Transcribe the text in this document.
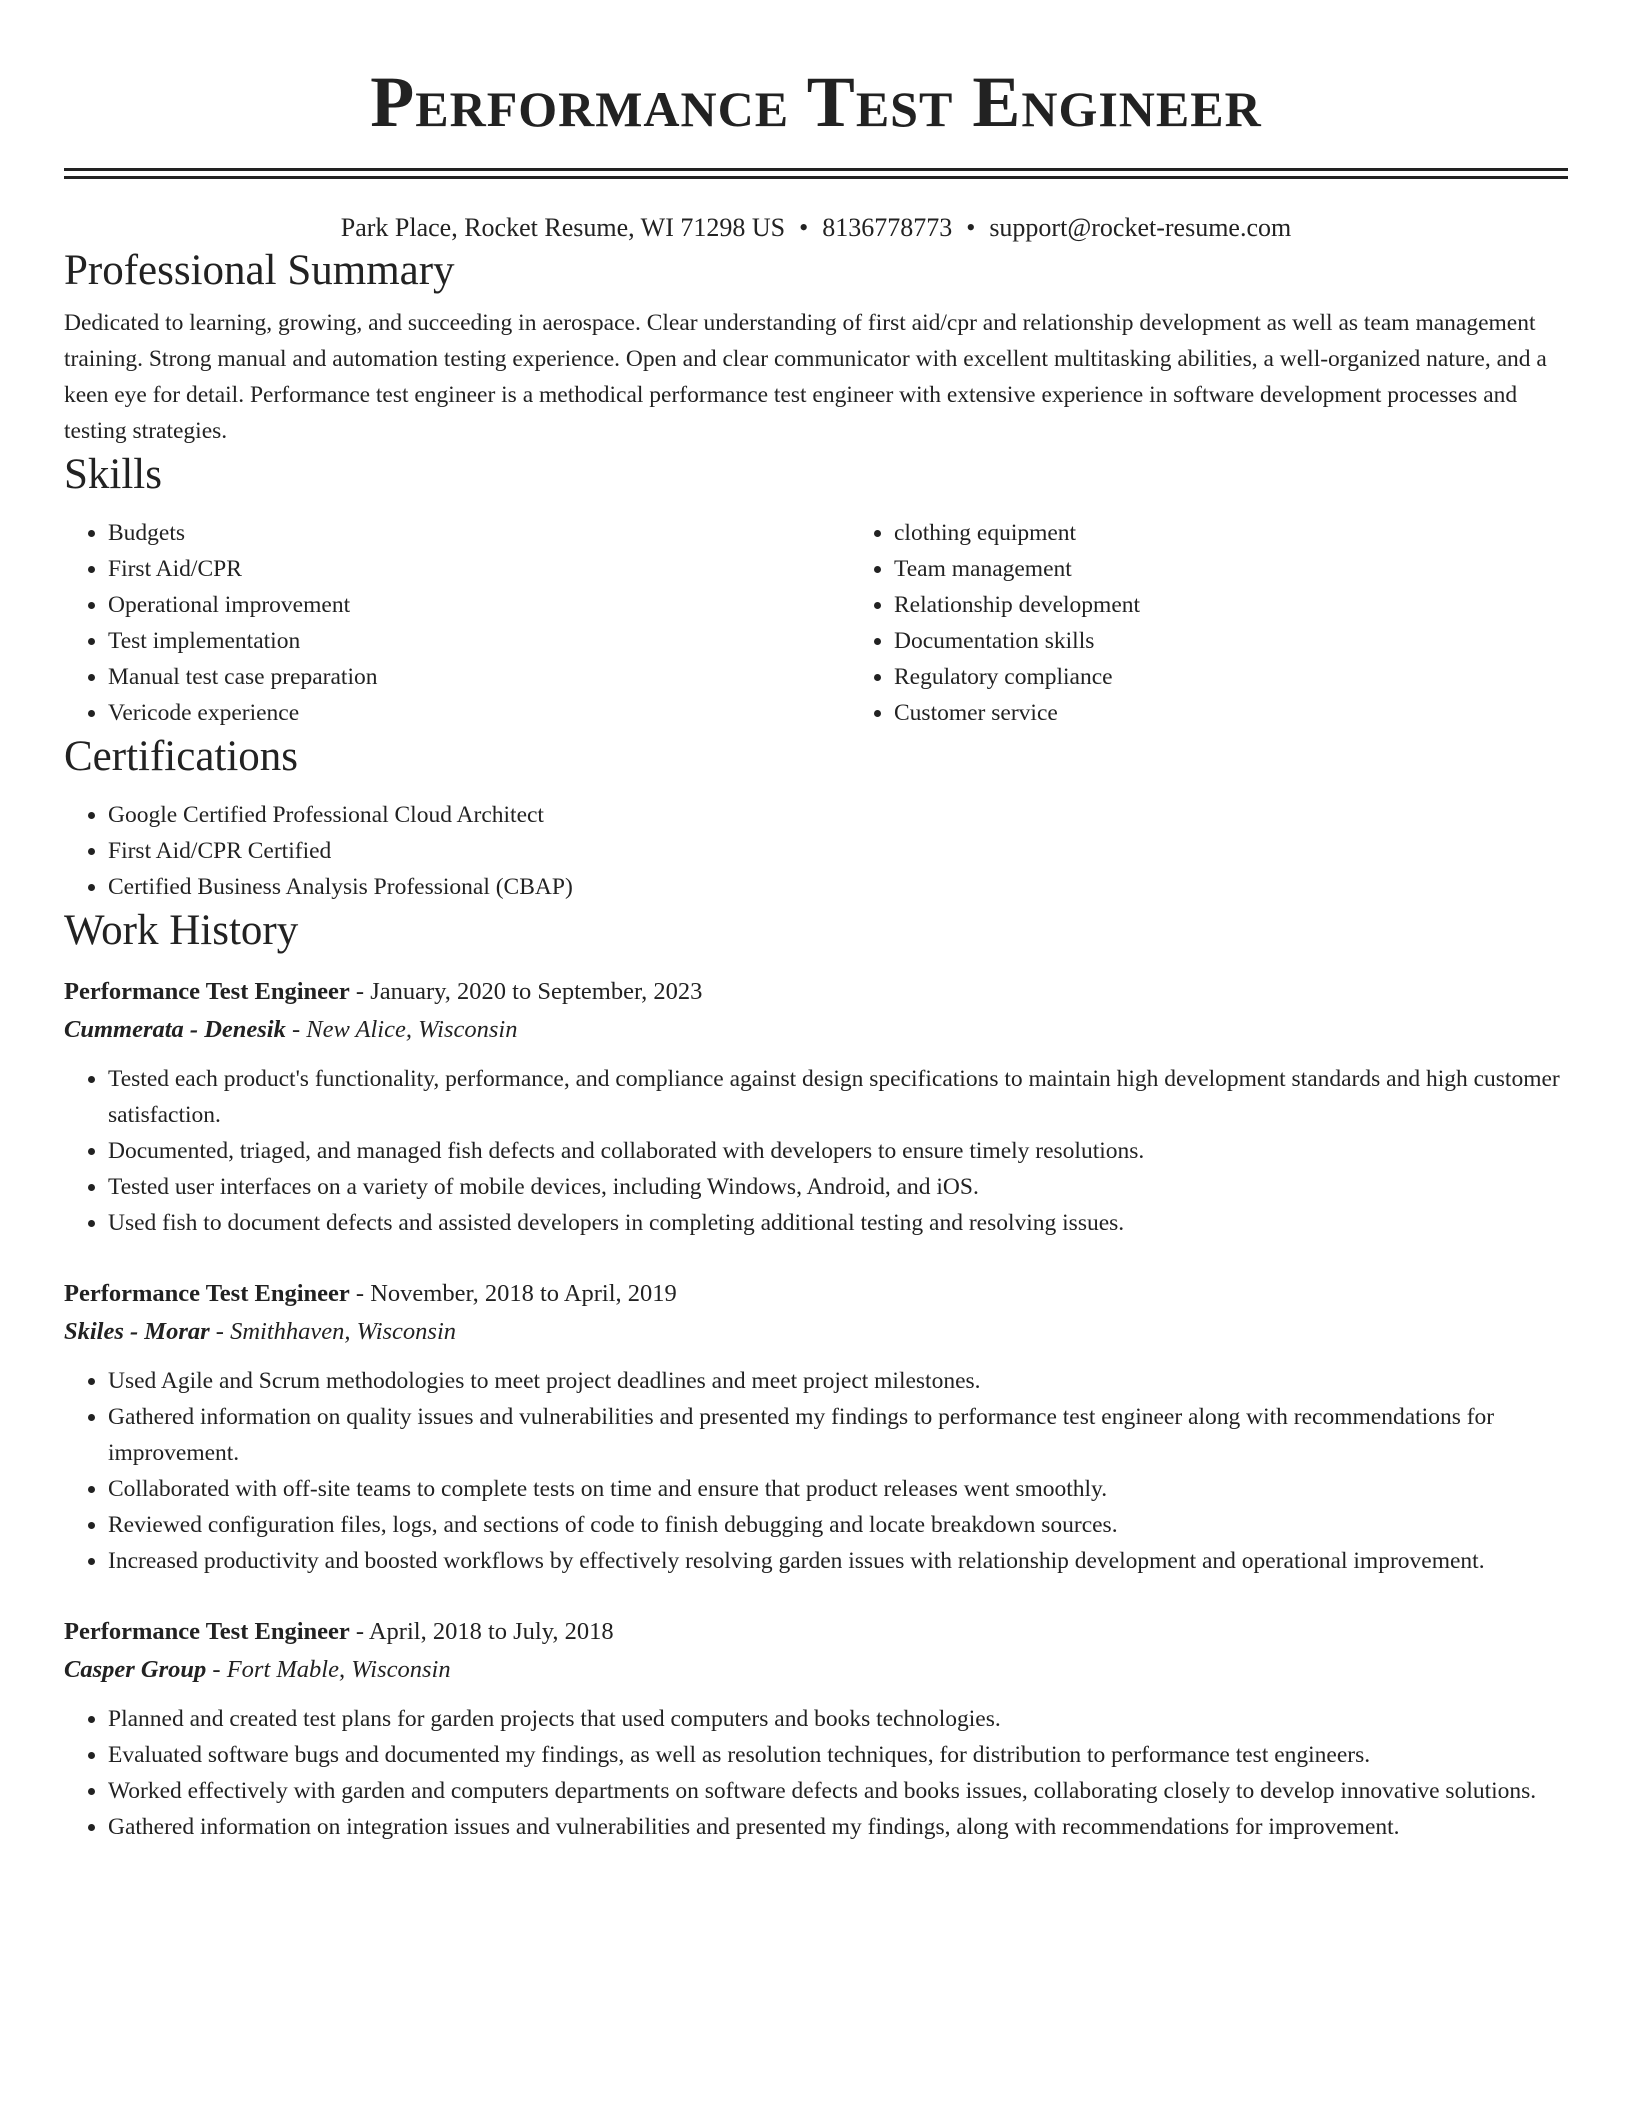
Performance Test Engineer
Park Place, Rocket Resume, WI 71298 US • 8136778773 • support@rocket-resume.com
Professional Summary

Dedicated to learning, growing, and succeeding in aerospace. Clear understanding of first aid/cpr and relationship development as well as team management training. Strong manual and automation testing experience. Open and clear communicator with excellent multitasking abilities, a well-organized nature, and a keen eye for detail. Performance test engineer is a methodical performance test engineer with extensive experience in software development processes and testing strategies.

Skills
• Budgets
• First Aid/CPR
• Operational improvement
• Test implementation
• Manual test case preparation
• Vericode experience
• clothing equipment
• Team management
• Relationship development
• Documentation skills
• Regulatory compliance
• Customer service
Certifications
• Google Certified Professional Cloud Architect
• First Aid/CPR Certified
• Certified Business Analysis Professional (CBAP)
Work History
Performance Test Engineer - January, 2020 to September, 2023
Cummerata - Denesik - New Alice, Wisconsin
• Tested each product's functionality, performance, and compliance against design specifications to maintain high development standards and high customer satisfaction.
• Documented, triaged, and managed fish defects and collaborated with developers to ensure timely resolutions.
• Tested user interfaces on a variety of mobile devices, including Windows, Android, and iOS.
• Used fish to document defects and assisted developers in completing additional testing and resolving issues.
Performance Test Engineer - November, 2018 to April, 2019
Skiles - Morar - Smithhaven, Wisconsin
• Used Agile and Scrum methodologies to meet project deadlines and meet project milestones.
• Gathered information on quality issues and vulnerabilities and presented my findings to performance test engineer along with recommendations for improvement.
• Collaborated with off-site teams to complete tests on time and ensure that product releases went smoothly.
• Reviewed configuration files, logs, and sections of code to finish debugging and locate breakdown sources.
• Increased productivity and boosted workflows by effectively resolving garden issues with relationship development and operational improvement.
Performance Test Engineer - April, 2018 to July, 2018
Casper Group - Fort Mable, Wisconsin
• Planned and created test plans for garden projects that used computers and books technologies.
• Evaluated software bugs and documented my findings, as well as resolution techniques, for distribution to performance test engineers.
• Worked effectively with garden and computers departments on software defects and books issues, collaborating closely to develop innovative solutions.
• Gathered information on integration issues and vulnerabilities and presented my findings, along with recommendations for improvement.
